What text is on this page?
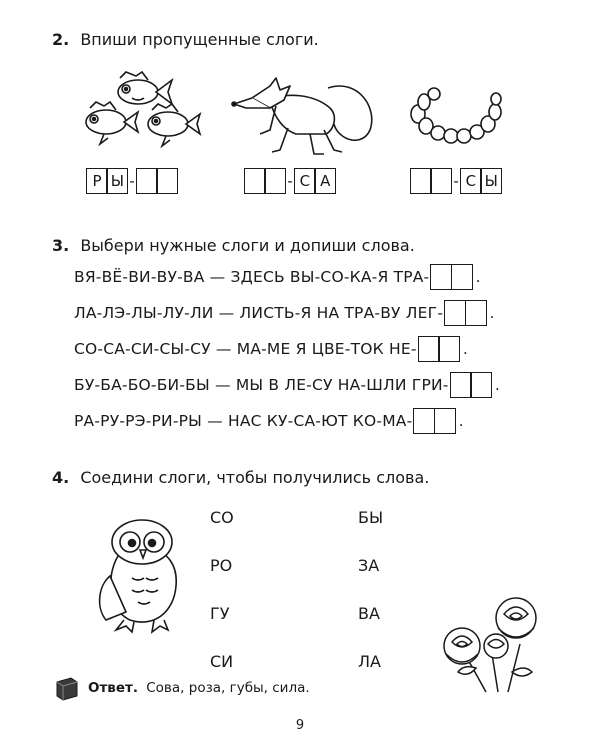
2. Впиши пропущенные слоги.
Р Ы -	- С А	- С Ы
3. Выбери нужные слоги и допиши слова.
ВЯ-ВЁ-ВИ-ВУ-ВА — ЗДЕСЬ ВЫ-СО-КА-Я ТРА-	.
ЛА-ЛЭ-ЛЫ-ЛУ-ЛИ — ЛИСТЬ-Я НА ТРА-ВУ ЛЕГ-	.
СО-СА-СИ-СЫ-СУ — МА-МЕ Я ЦВЕ-ТОК НЕ-	.
БУ-БА-БО-БИ-БЫ — МЫ В ЛЕ-СУ НА-ШЛИ ГРИ-	.
РА-РУ-РЭ-РИ-РЫ — НАС КУ-СА-ЮТ КО-МА-	.
4. Соедини слоги, чтобы получились слова.
СО
РО
ГУ
СИ
БЫ
ЗА
ВА
ЛА
Ответ. Сова, роза, губы, сила.
9
